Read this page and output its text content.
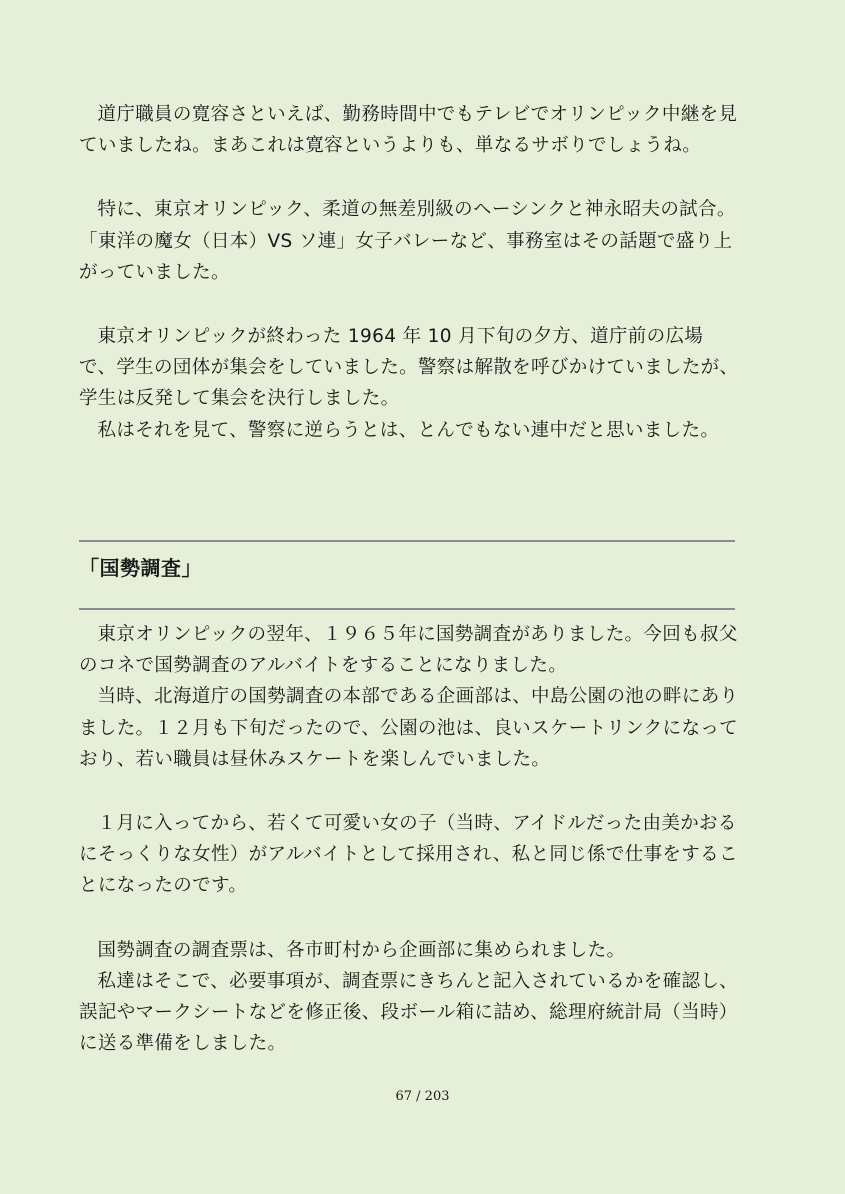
道庁職員の寛容さといえば、勤務時間中でもテレビでオリンピック中継を見ていましたね。まあこれは寛容というよりも、単なるサボりでしょうね。

特に、東京オリンピック、柔道の無差別級のヘーシンクと神永昭夫の試合。「東洋の魔女（日本）VS ソ連」女子バレーなど、事務室はその話題で盛り上がっていました。

東京オリンピックが終わった 1964 年 10 月下旬の夕方、道庁前の広場で、学生の団体が集会をしていました。警察は解散を呼びかけていましたが、学生は反発して集会を決行しました。

私はそれを見て、警察に逆らうとは、とんでもない連中だと思いました。

「国勢調査」

東京オリンピックの翌年、１９６５年に国勢調査がありました。今回も叔父のコネで国勢調査のアルバイトをすることになりました。

当時、北海道庁の国勢調査の本部である企画部は、中島公園の池の畔にありました。１２月も下旬だったので、公園の池は、良いスケートリンクになっており、若い職員は昼休みスケートを楽しんでいました。

１月に入ってから、若くて可愛い女の子（当時、アイドルだった由美かおるにそっくりな女性）がアルバイトとして採用され、私と同じ係で仕事をすることになったのです。

国勢調査の調査票は、各市町村から企画部に集められました。

私達はそこで、必要事項が、調査票にきちんと記入されているかを確認し、誤記やマークシートなどを修正後、段ボール箱に詰め、総理府統計局（当時）に送る準備をしました。

67 / 203
